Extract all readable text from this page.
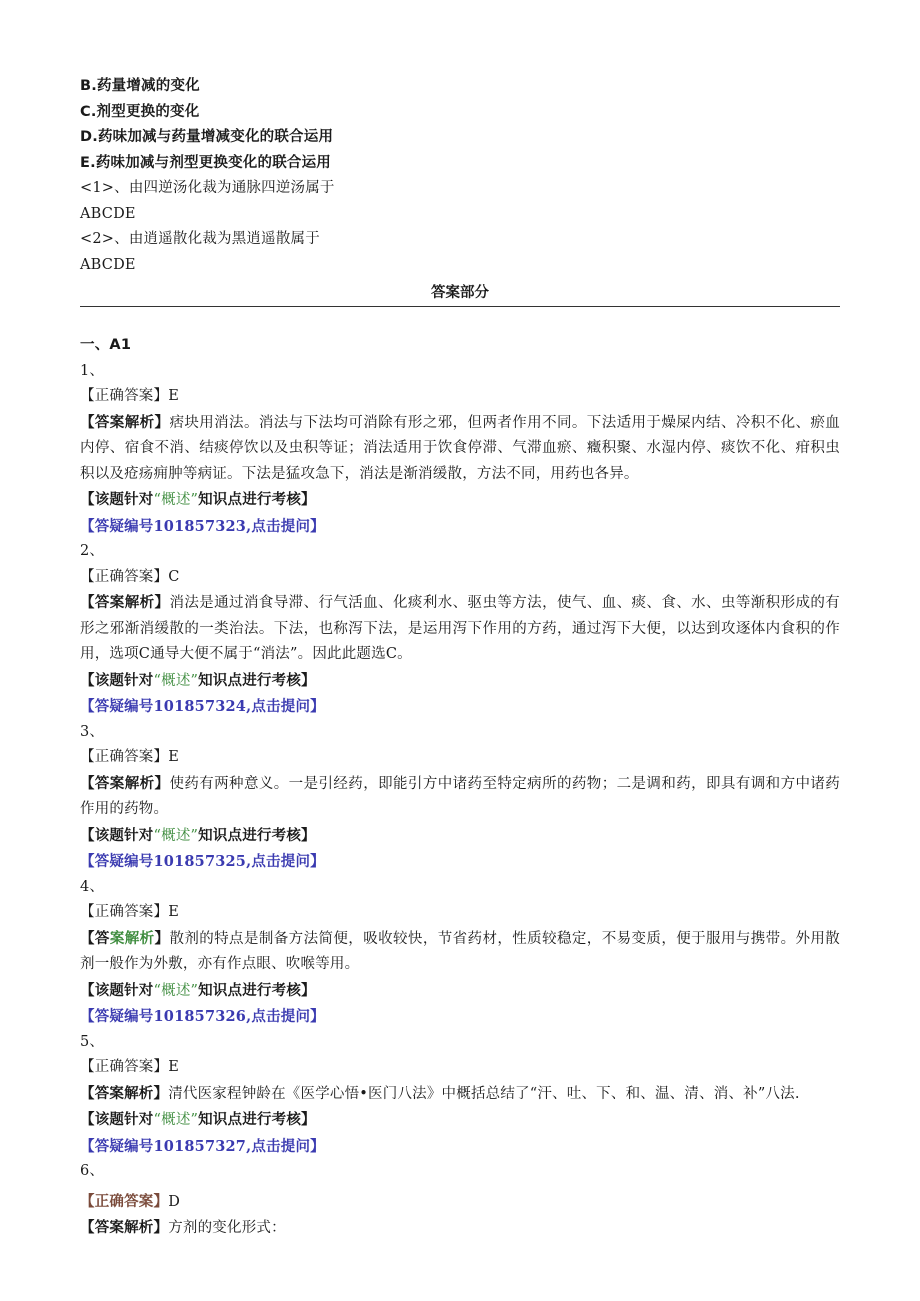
B.药量增减的变化

C.剂型更换的变化

D.药味加减与药量增减变化的联合运用

E.药味加减与剂型更换变化的联合运用

<1>、由四逆汤化裁为通脉四逆汤属于

ABCDE

<2>、由逍遥散化裁为黑逍遥散属于

ABCDE

答案部分

一、A1

1、

【正确答案】E

【答案解析】痞块用消法。消法与下法均可消除有形之邪，但两者作用不同。下法适用于燥屎内结、冷积不化、瘀血内停、宿食不消、结痰停饮以及虫积等证；消法适用于饮食停滞、气滞血瘀、癥积聚、水湿内停、痰饮不化、疳积虫积以及疮疡痈肿等病证。下法是猛攻急下，消法是渐消缓散，方法不同，用药也各异。

【该题针对“概述”知识点进行考核】

【答疑编号101857323,点击提问】

2、

【正确答案】C

【答案解析】消法是通过消食导滞、行气活血、化痰利水、驱虫等方法，使气、血、痰、食、水、虫等渐积形成的有形之邪渐消缓散的一类治法。下法，也称泻下法，是运用泻下作用的方药，通过泻下大便，以达到攻逐体内食积的作用，选项C通导大便不属于“消法”。因此此题选C。

【该题针对“概述”知识点进行考核】

【答疑编号101857324,点击提问】

3、

【正确答案】E

【答案解析】使药有两种意义。一是引经药，即能引方中诸药至特定病所的药物；二是调和药，即具有调和方中诸药作用的药物。

【该题针对“概述”知识点进行考核】

【答疑编号101857325,点击提问】

4、

【正确答案】E

【答案解析】散剂的特点是制备方法简便，吸收较快，节省药材，性质较稳定，不易变质，便于服用与携带。外用散剂一般作为外敷，亦有作点眼、吹喉等用。

【该题针对“概述”知识点进行考核】

【答疑编号101857326,点击提问】

5、

【正确答案】E

【答案解析】清代医家程钟龄在《医学心悟•医门八法》中概括总结了“汗、吐、下、和、温、清、消、补”八法.

【该题针对“概述”知识点进行考核】

【答疑编号101857327,点击提问】

6、

【正确答案】D

【答案解析】方剂的变化形式：
